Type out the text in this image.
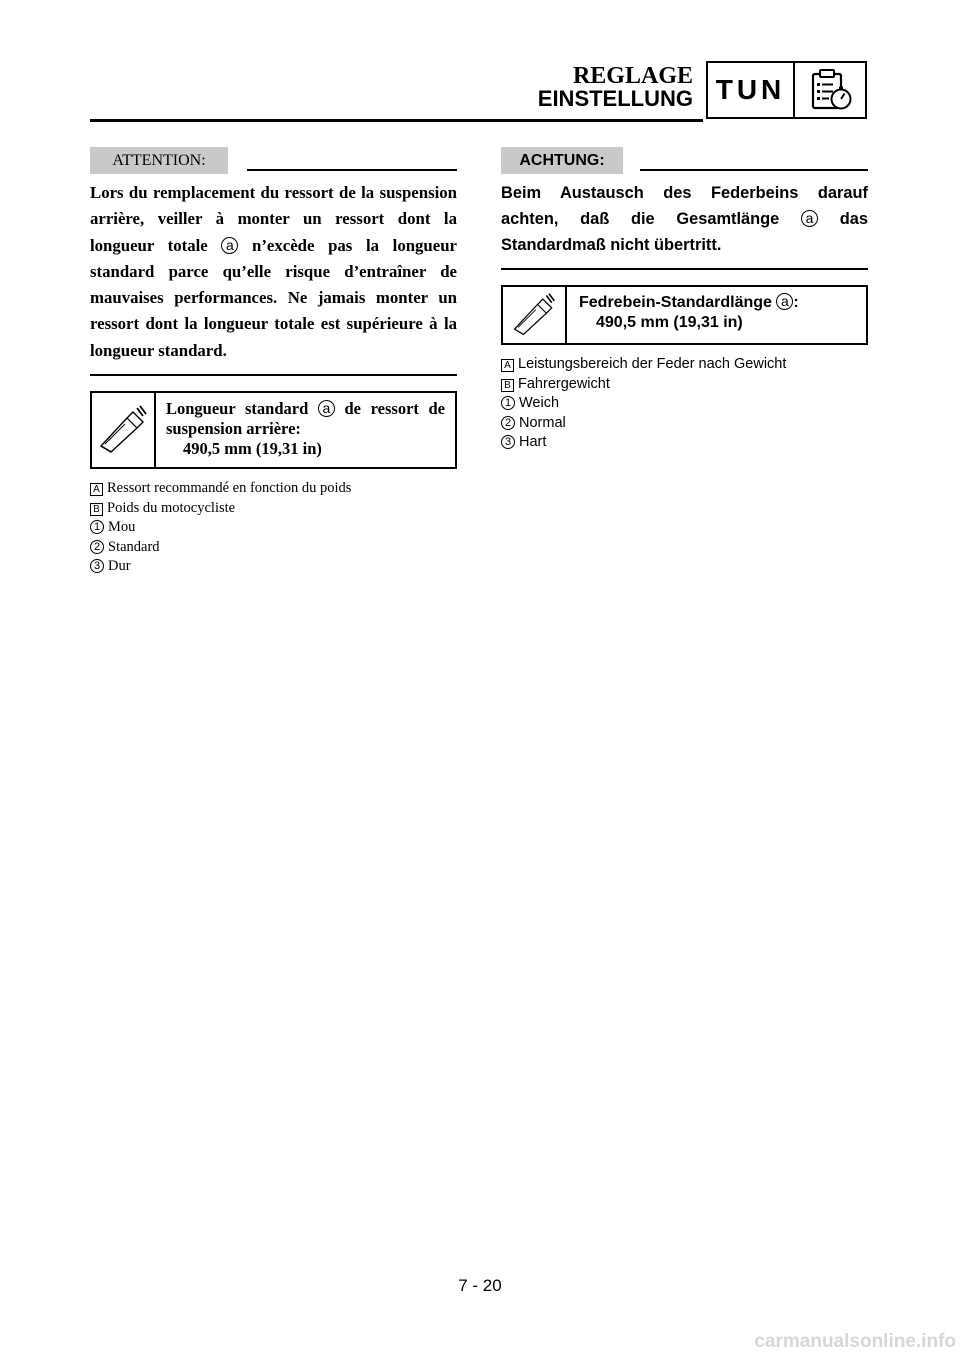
REGLAGE
EINSTELLUNG TUN
ATTENTION:
Lors du remplacement du ressort de la suspension arrière, veiller à monter un ressort dont la longueur totale a n’excède pas la longueur standard parce qu’elle risque d’entraîner de mauvaises performances. Ne jamais monter un ressort dont la longueur totale est supérieure à la longueur standard.
Longueur standard a de ressort de suspension arrière:
490,5 mm (19,31 in)
A Ressort recommandé en fonction du poids
B Poids du motocycliste
1 Mou
2 Standard
3 Dur
ACHTUNG:
Beim Austausch des Federbeins darauf achten, daß die Gesamtlänge a das Standardmaß nicht übertritt.
Fedrebein-Standardlänge a :
490,5 mm (19,31 in)
A Leistungsbereich der Feder nach Gewicht
B Fahrergewicht
1 Weich
2 Normal
3 Hart
7 - 20
carmanualsonline.info
